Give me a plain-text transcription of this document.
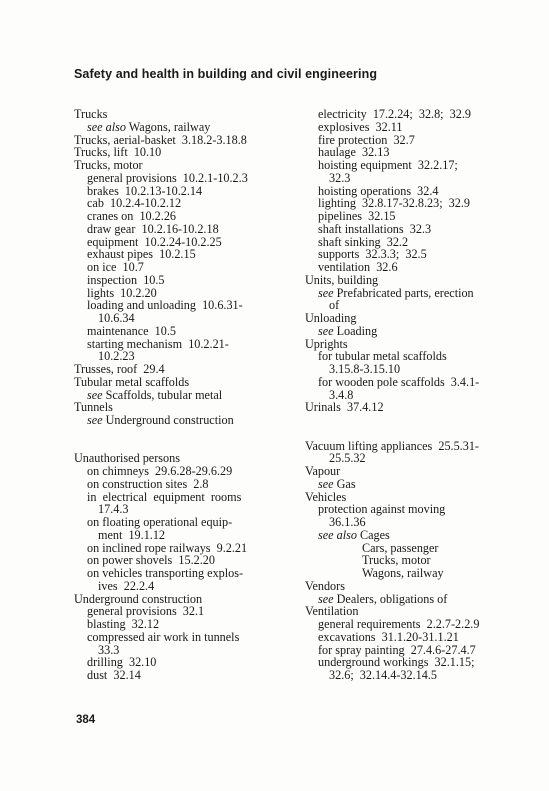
Safety and health in building and civil engineering
Trucks
see also Wagons, railway
Trucks, aerial-basket  3.18.2-3.18.8
Trucks, lift  10.10
Trucks, motor
general provisions  10.2.1-10.2.3
brakes  10.2.13-10.2.14
cab  10.2.4-10.2.12
cranes on  10.2.26
draw gear  10.2.16-10.2.18
equipment  10.2.24-10.2.25
exhaust pipes  10.2.15
on ice  10.7
inspection  10.5
lights  10.2.20
loading and unloading  10.6.31-
10.6.34
maintenance  10.5
starting mechanism  10.2.21-
10.2.23
Trusses, roof  29.4
Tubular metal scaffolds
see Scaffolds, tubular metal
Tunnels
see Underground construction
Unauthorised persons
on chimneys  29.6.28-29.6.29
on construction sites  2.8
in  electrical  equipment  rooms
17.4.3
on floating operational equip-
ment  19.1.12
on inclined rope railways  9.2.21
on power shovels  15.2.20
on vehicles transporting explos-
ives  22.2.4
Underground construction
general provisions  32.1
blasting  32.12
compressed air work in tunnels
33.3
drilling  32.10
dust  32.14
electricity  17.2.24;  32.8;  32.9
explosives  32.11
fire protection  32.7
haulage  32.13
hoisting equipment  32.2.17;
32.3
hoisting operations  32.4
lighting  32.8.17-32.8.23;  32.9
pipelines  32.15
shaft installations  32.3
shaft sinking  32.2
supports  32.3.3;  32.5
ventilation  32.6
Units, building
see Prefabricated parts, erection
of
Unloading
see Loading
Uprights
for tubular metal scaffolds
3.15.8-3.15.10
for wooden pole scaffolds  3.4.1-
3.4.8
Urinals  37.4.12
Vacuum lifting appliances  25.5.31-
25.5.32
Vapour
see Gas
Vehicles
protection against moving
36.1.36
see also Cages
Cars, passenger
Trucks, motor
Wagons, railway
Vendors
see Dealers, obligations of
Ventilation
general requirements  2.2.7-2.2.9
excavations  31.1.20-31.1.21
for spray painting  27.4.6-27.4.7
underground workings  32.1.15;
32.6;  32.14.4-32.14.5
384
